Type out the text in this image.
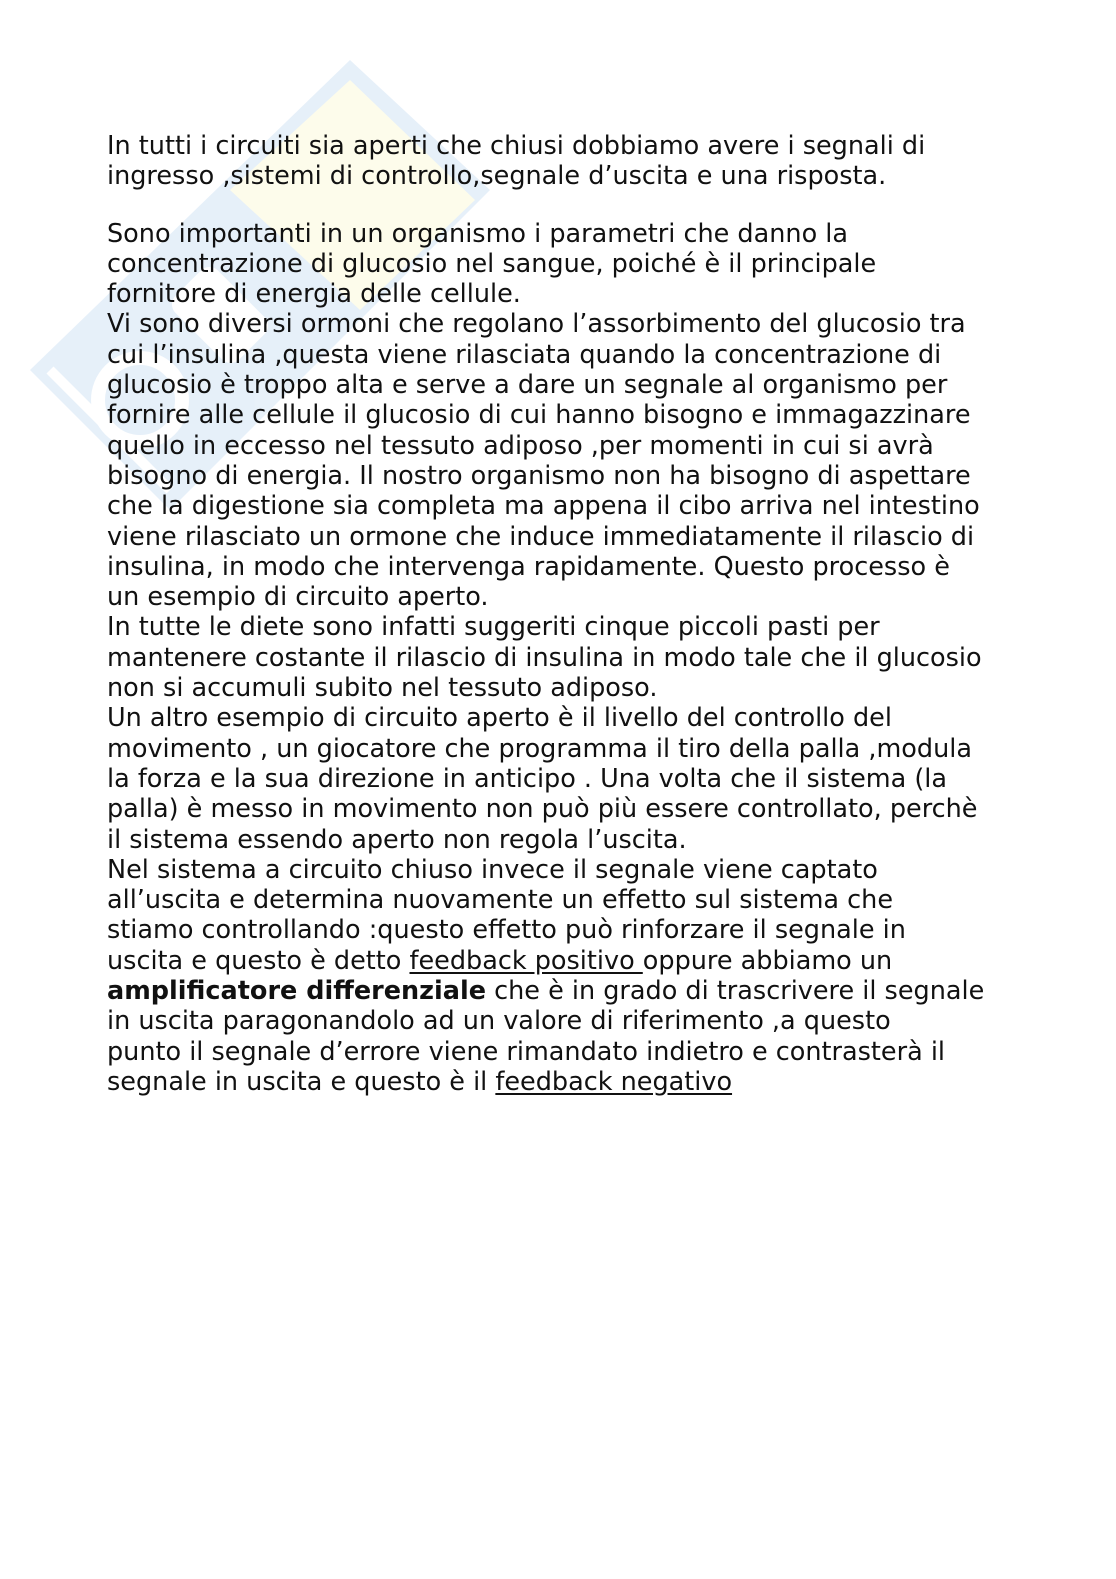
In tutti i circuiti sia aperti che chiusi dobbiamo avere i segnali di
ingresso ,sistemi di controllo,segnale d’uscita e una risposta.
Sono importanti in un organismo i parametri che danno la
concentrazione di glucosio nel sangue, poiché è il principale
fornitore di energia delle cellule.
Vi sono diversi ormoni che regolano l’assorbimento del glucosio tra
cui l’insulina ,questa viene rilasciata quando la concentrazione di
glucosio è troppo alta e serve a dare un segnale al organismo per
fornire alle cellule il glucosio di cui hanno bisogno e immagazzinare
quello in eccesso nel tessuto adiposo ,per momenti in cui si avrà
bisogno di energia. Il nostro organismo non ha bisogno di aspettare
che la digestione sia completa ma appena il cibo arriva nel intestino
viene rilasciato un ormone che induce immediatamente il rilascio di
insulina, in modo che intervenga rapidamente. Questo processo è
un esempio di circuito aperto.
In tutte le diete sono infatti suggeriti cinque piccoli pasti per
mantenere costante il rilascio di insulina in modo tale che il glucosio
non si accumuli subito nel tessuto adiposo.
Un altro esempio di circuito aperto è il livello del controllo del
movimento , un giocatore che programma il tiro della palla ,modula
la forza e la sua direzione in anticipo . Una volta che il sistema (la
palla) è messo in movimento non può più essere controllato, perchè
il sistema essendo aperto non regola l’uscita.
Nel sistema a circuito chiuso invece il segnale viene captato
all’uscita e determina nuovamente un effetto sul sistema che
stiamo controllando :questo effetto può rinforzare il segnale in
uscita e questo è detto feedback positivo oppure abbiamo un
amplificatore differenziale che è in grado di trascrivere il segnale
in uscita paragonandolo ad un valore di riferimento ,a questo
punto il segnale d’errore viene rimandato indietro e contrasterà il
segnale in uscita e questo è il feedback negativo
